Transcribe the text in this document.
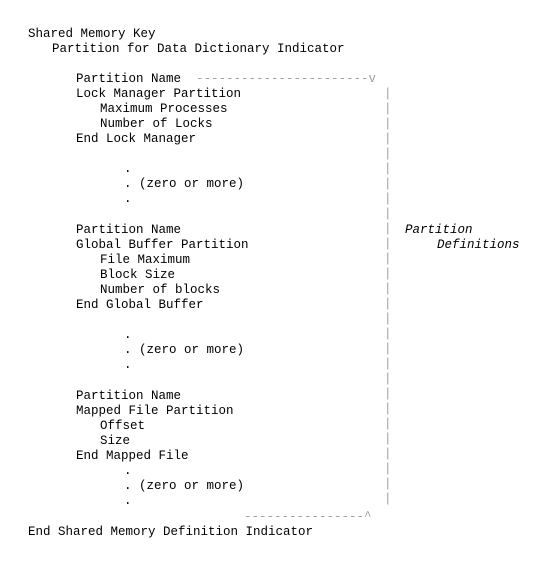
Shared Memory Key
Partition for Data Dictionary Indicator
Partition Name -----------------------v
Lock Manager Partition
Maximum Processes
Number of Locks
End Lock Manager
.
. (zero or more)
.
Partition Name
Global Buffer Partition
File Maximum
Block Size
Number of blocks
End Global Buffer
.
. (zero or more)
.
Partition Name
Mapped File Partition
Offset
Size
End Mapped File
.
. (zero or more)
.
----------------^
End Shared Memory Definition Indicator
Partition
Definitions
|
|
|
|
|
|
|
|
|
|
|
|
|
|
|
|
|
|
|
|
|
|
|
|
|
|
|
|
